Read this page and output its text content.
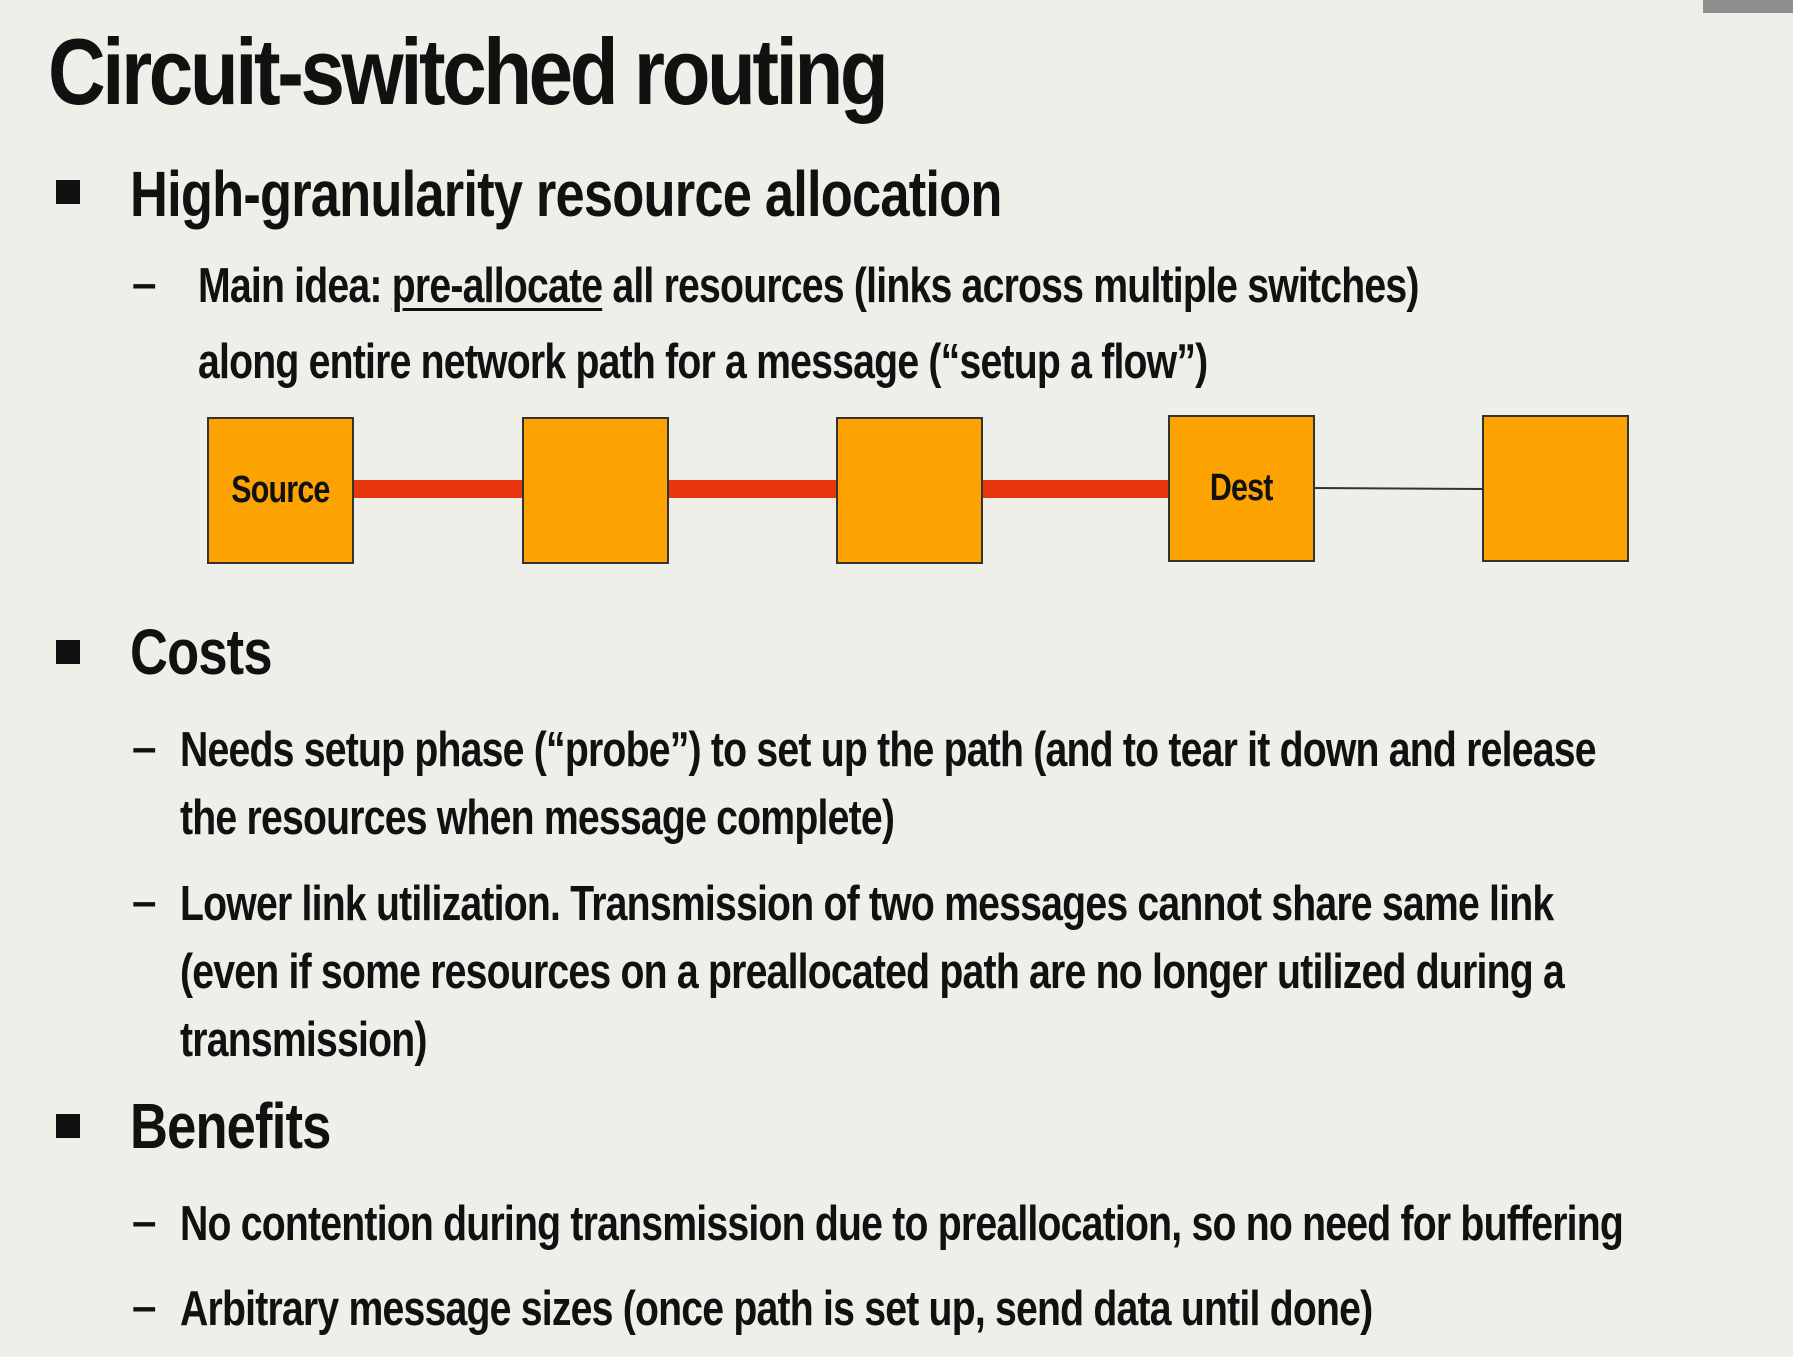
Circuit-switched routing
High-granularity resource allocation
– Main idea: pre-allocate all resources (links across multiple switches)
along entire network path for a message (“setup a flow”)
Source	Dest
Costs
– Needs setup phase (“probe”) to set up the path (and to tear it down and release
the resources when message complete)
– Lower link utilization. Transmission of two messages cannot share same link
(even if some resources on a preallocated path are no longer utilized during a
transmission)
Benefits
– No contention during transmission due to preallocation, so no need for buffering
– Arbitrary message sizes (once path is set up, send data until done)
